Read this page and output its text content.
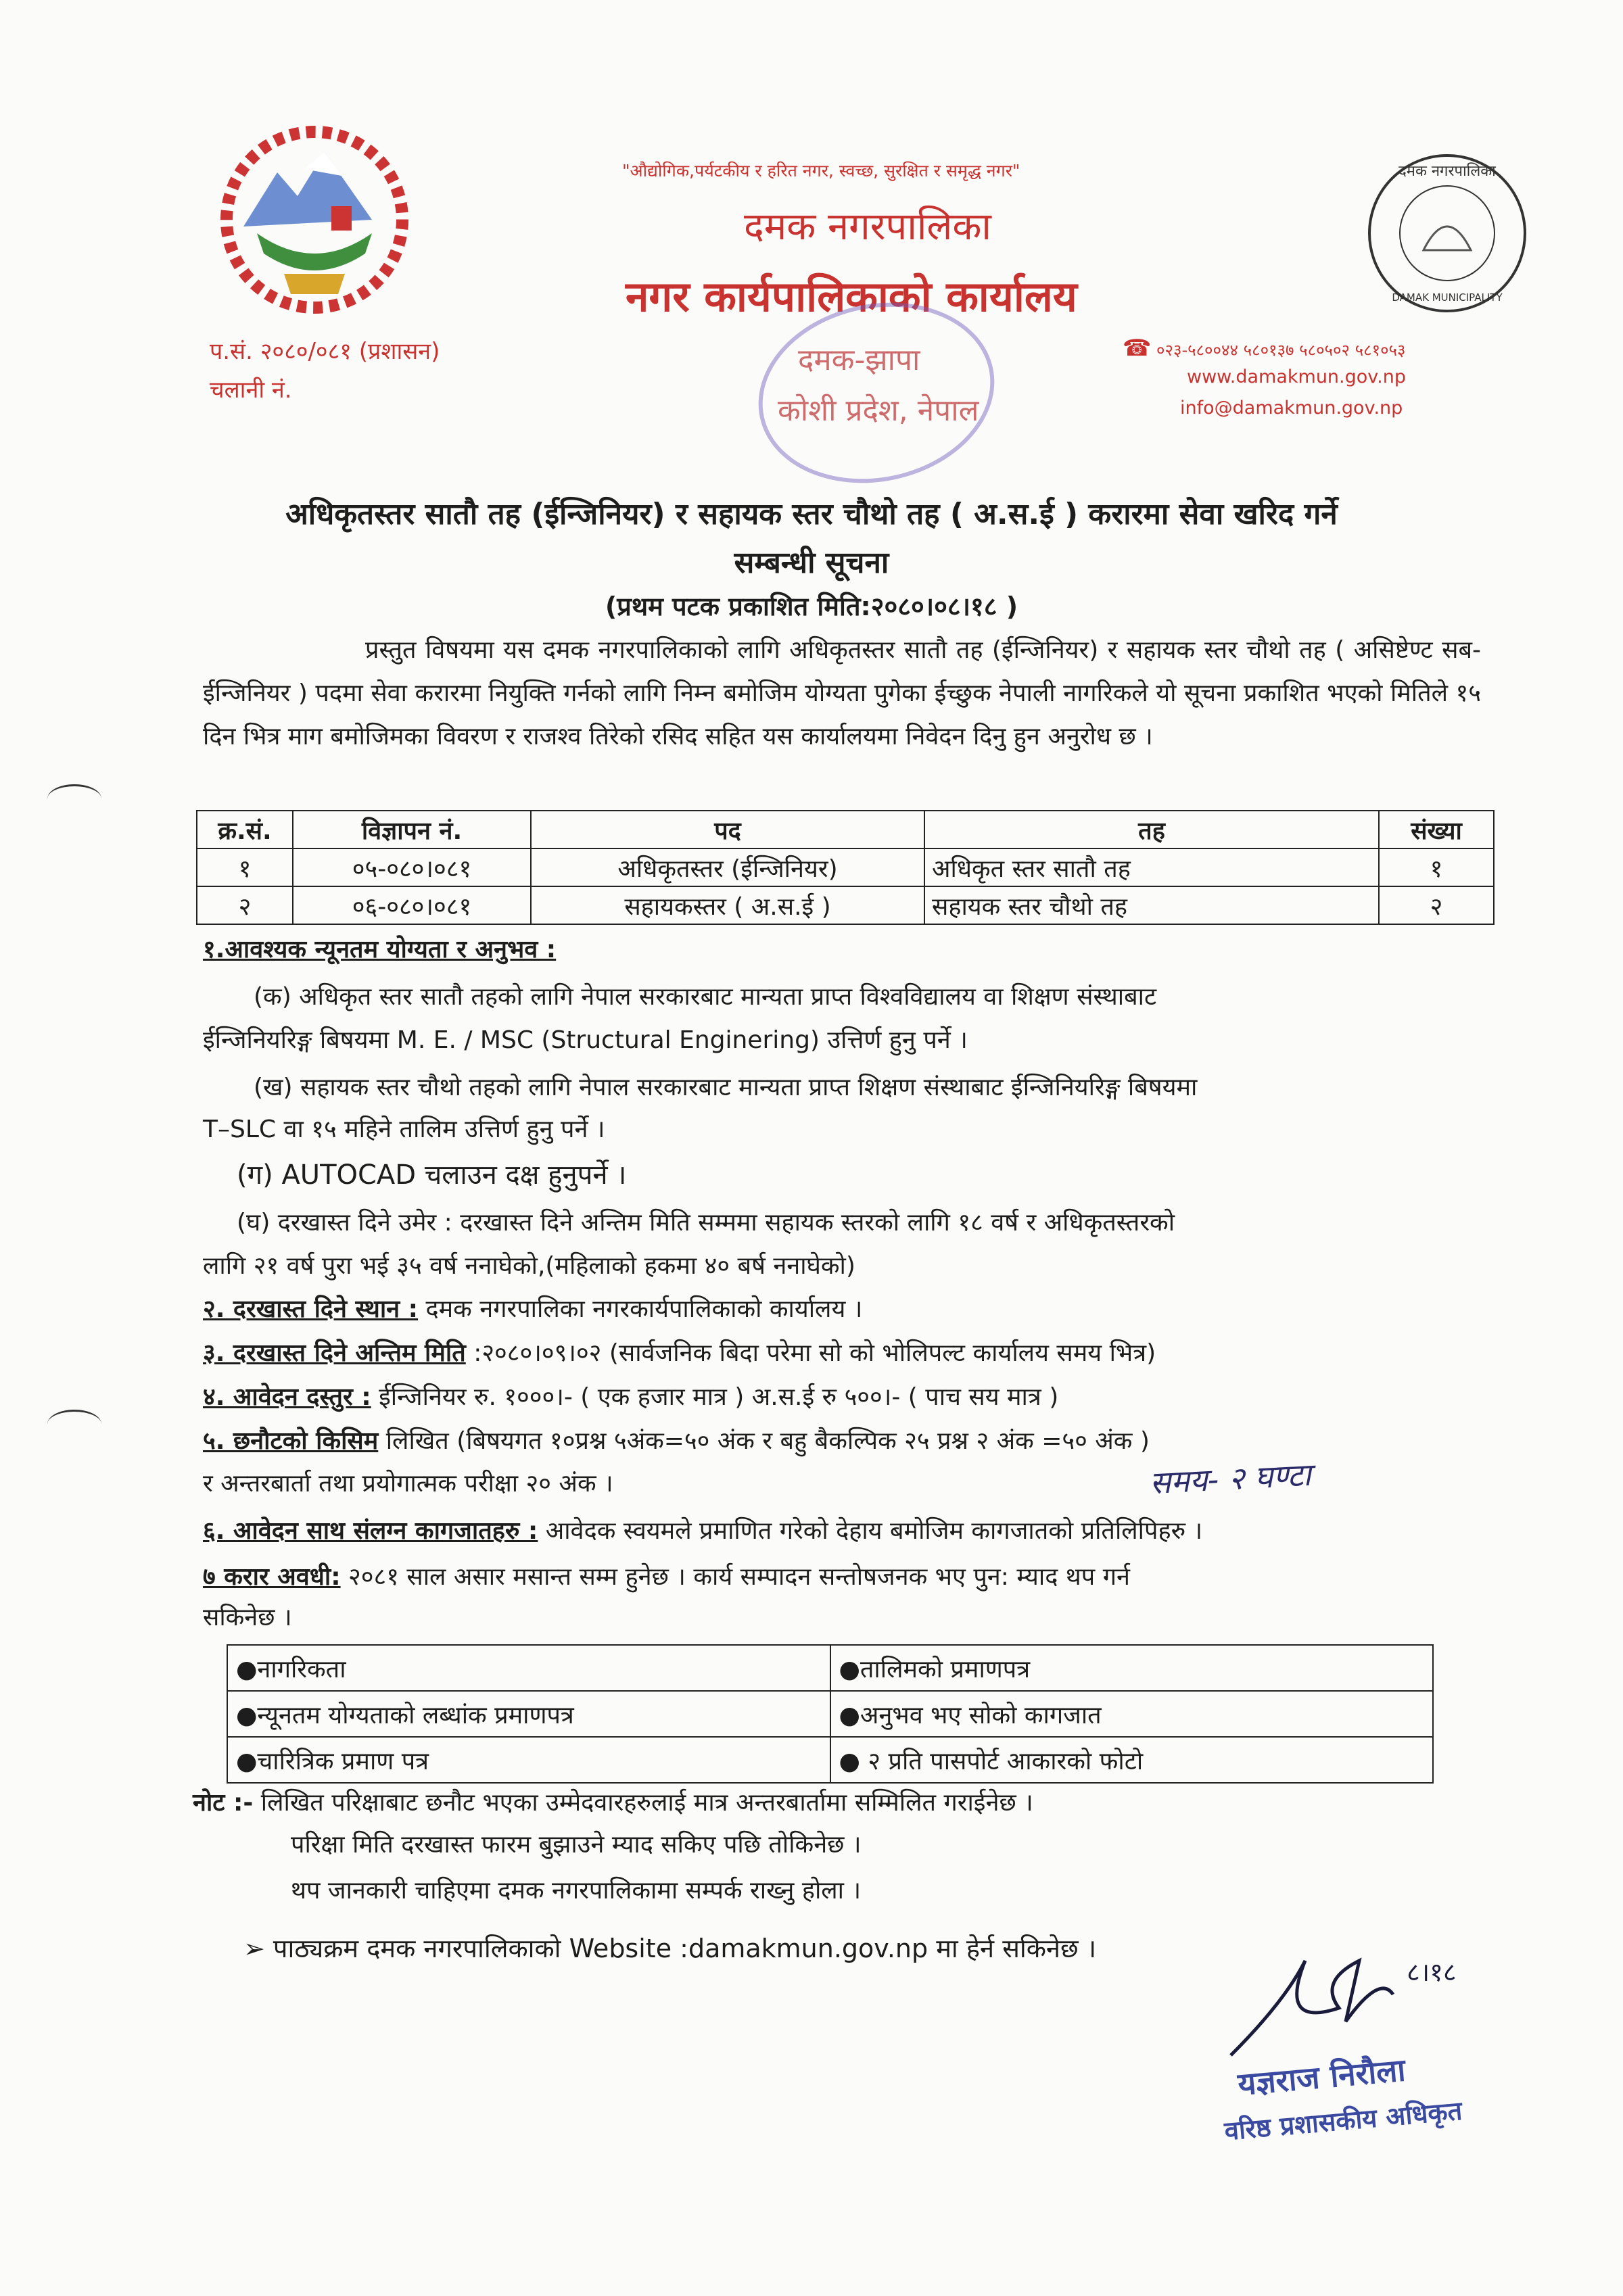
"औद्योगिक,पर्यटकीय र हरित नगर, स्वच्छ, सुरक्षित र समृद्ध नगर"
दमक नगरपालिका
नगर कार्यपालिकाको कार्यालय
दमक नगरपालिका
DAMAK MUNICIPALITY
प.सं. २०८०/०८१ (प्रशासन)
चलानी नं.
☎ ०२३-५८००४४ ५८०१३७ ५८०५०२ ५८१०५३
www.damakmun.gov.np
info@damakmun.gov.np
दमक-झापा
कोशी प्रदेश, नेपाल
अधिकृतस्तर सातौ तह (ईन्जिनियर) र सहायक स्तर चौथो तह ( अ.स.ई ) करारमा सेवा खरिद गर्ने
सम्बन्धी सूचना
(प्रथम पटक प्रकाशित मिति:२०८०।०८।१८ )
प्रस्तुत विषयमा यस दमक नगरपालिकाको लागि अधिकृतस्तर सातौ तह (ईन्जिनियर) र सहायक स्तर चौथो तह ( असिष्टेण्ट सब-ईन्जिनियर ) पदमा सेवा करारमा नियुक्ति गर्नको लागि निम्न बमोजिम योग्यता पुगेका ईच्छुक नेपाली नागरिकले यो सूचना प्रकाशित भएको मितिले १५ दिन भित्र माग बमोजिमका विवरण र राजश्व तिरेको रसिद सहित यस कार्यालयमा निवेदन दिनु हुन अनुरोध छ ।
क्र.सं.	विज्ञापन नं.	पद	तह	संख्या
१	०५-०८०।०८१	अधिकृतस्तर (ईन्जिनियर)	अधिकृत स्तर सातौ तह	१
२	०६-०८०।०८१	सहायकस्तर ( अ.स.ई )	सहायक स्तर चौथो तह	२
१.आवश्यक न्यूनतम योग्यता र अनुभव :
(क) अधिकृत स्तर सातौ तहको लागि नेपाल सरकारबाट मान्यता प्राप्त विश्वविद्यालय वा शिक्षण संस्थाबाट
ईन्जिनियरिङ्ग बिषयमा M. E. / MSC (Structural Enginering) उत्तिर्ण हुनु पर्ने ।
(ख) सहायक स्तर चौथो तहको लागि नेपाल सरकारबाट मान्यता प्राप्त शिक्षण संस्थाबाट ईन्जिनियरिङ्ग बिषयमा
T–SLC वा १५ महिने तालिम उत्तिर्ण हुनु पर्ने ।
(ग) AUTOCAD चलाउन दक्ष हुनुपर्ने ।
(घ) दरखास्त दिने उमेर : दरखास्त दिने अन्तिम मिति सम्ममा सहायक स्तरको लागि १८ वर्ष र अधिकृतस्तरको
लागि २१ वर्ष पुरा भई ३५ वर्ष ननाघेको,(महिलाको हकमा ४० बर्ष ननाघेको)
२. दरखास्त दिने स्थान : दमक नगरपालिका नगरकार्यपालिकाको कार्यालय ।
३. दरखास्त दिने अन्तिम मिति :२०८०।०९।०२ (सार्वजनिक बिदा परेमा सो को भोलिपल्ट कार्यालय समय भित्र)
४. आवेदन दस्तुर : ईन्जिनियर रु. १०००।- ( एक हजार मात्र ) अ.स.ई रु ५००।- ( पाच सय मात्र )
५. छनौटको किसिम लिखित (बिषयगत १०प्रश्न ५अंक=५० अंक र बहु बैकल्पिक २५ प्रश्न २ अंक =५० अंक )
र अन्तरबार्ता तथा प्रयोगात्मक परीक्षा २० अंक ।	समय- २ घण्टा
६. आवेदन साथ संलग्न कागजातहरु : आवेदक स्वयमले प्रमाणित गरेको देहाय बमोजिम कागजातको प्रतिलिपिहरु ।
७ करार अवधी: २०८१ साल असार मसान्त सम्म हुनेछ । कार्य सम्पादन सन्तोषजनक भए पुन: म्याद थप गर्न
सकिनेछ ।
●नागरिकता	●तालिमको प्रमाणपत्र
●न्यूनतम योग्यताको लब्धांक प्रमाणपत्र	●अनुभव भए सोको कागजात
●चारित्रिक प्रमाण पत्र	● २ प्रति पासपोर्ट आकारको फोटो
नोट :- लिखित परिक्षाबाट छनौट भएका उम्मेदवारहरुलाई मात्र अन्तरबार्तामा सम्मिलित गराईनेछ ।
परिक्षा मिति दरखास्त फारम बुझाउने म्याद सकिए पछि तोकिनेछ ।
थप जानकारी चाहिएमा दमक नगरपालिकामा सम्पर्क राख्नु होला ।
➢ पाठ्यक्रम दमक नगरपालिकाको Website :damakmun.gov.np मा हेर्न सकिनेछ ।
८।१८
यज्ञराज निरौला
वरिष्ठ प्रशासकीय अधिकृत
